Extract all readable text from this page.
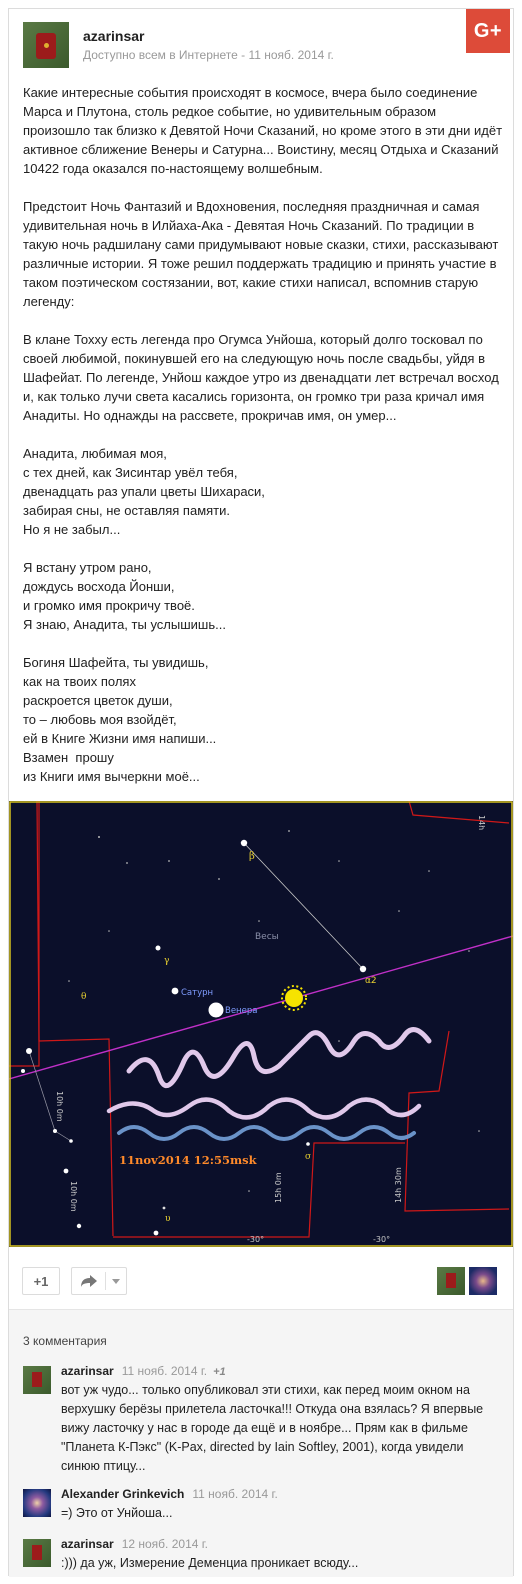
azarinsar
Доступно всем в Интернете - 11 нояб. 2014 г.
G+

Какие интересные события происходят в космосе, вчера было соединение Марса и Плутона, столь редкое событие, но удивительным образом произошло так близко к Девятой Ночи Сказаний, но кроме этого в эти дни идёт активное сближение Венеры и Сатурна... Воистину, месяц Отдыха и Сказаний 10422 года оказался по-настоящему волшебным.

Предстоит Ночь Фантазий и Вдохновения, последняя праздничная и самая удивительная ночь в Илйаха-Ака - Девятая Ночь Сказаний. По традиции в такую ночь радшилану сами придумывают новые сказки, стихи, рассказывают различные истории. Я тоже решил поддержать традицию и принять участие в таком поэтическом состязании, вот, какие стихи написал, вспомнив старую легенду:

В клане Тохху есть легенда про Огумса Унйоша, который долго тосковал по своей любимой, покинувшей его на следующую ночь после свадьбы, уйдя в Шафейат. По легенде, Унйош каждое утро из двенадцати лет встречал восход и, как только лучи света касались горизонта, он громко три раза кричал имя Анадиты. Но однажды на рассвете, прокричав имя, он умер...

Анадита, любимая моя,
с тех дней, как Зисинтар увёл тебя,
двенадцать раз упали цветы Шихараси,
забирая сны, не оставляя памяти.
Но я не забыл...

Я встану утром рано,
дождусь восхода Йонши,
и громко имя прокричу твоё.
Я знаю, Анадита, ты услышишь...

Богиня Шафейта, ты увидишь,
как на твоих полях
раскроется цветок души,
то – любовь моя взойдёт,
ей в Книге Жизни имя напиши...
Взамен  прошу
из Книги имя вычеркни моё...

β
α2
γ
θ
σ
υ
Весы
Сатурн
Венера
11nov2014 12:55msk
14h
10h 0m
10h 0m	15h 0m	14h 30m
-30°	-30°
+1
3 комментария
azarinsar 11 нояб. 2014 г. +1
вот уж чудо... только опубликовал эти стихи, как перед моим окном на верхушку берёзы прилетела ласточка!!! Откуда она взялась? Я впервые вижу ласточку у нас в городе да ещё и в ноябре... Прям как в фильме "Планета К-Пэкс" (K-Pax, directed by Iain Softley, 2001), когда увидели синюю птицу...
Alexander Grinkevich 11 нояб. 2014 г.
=) Это от Унйоша...
azarinsar 12 нояб. 2014 г.
:))) да уж, Измерение Деменциа проникает всюду...
